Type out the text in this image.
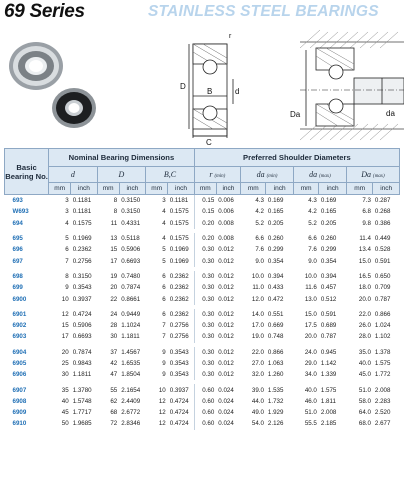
69 Series	STAINLESS STEEL BEARINGS
r
D
d
B
C
Da	da
Basic Bearing No.	Nominal Bearing Dimensions						Preferred Shoulder Diameters							
	d		D		B,C		r (min)		da (min)		da (max)		Da (max)	
	mm	inch	mm	inch	mm	inch	mm	inch	mm	inch	mm	inch	mm	inch
693	3	0.1181	8	0.3150	3	0.1181	0.15	0.006	4.3	0.169	4.3	0.169	7.3	0.287
W693	3	0.1181	8	0.3150	4	0.1575	0.15	0.006	4.2	0.165	4.2	0.165	6.8	0.268
694	4	0.1575	11	0.4331	4	0.1575	0.20	0.008	5.2	0.205	5.2	0.205	9.8	0.386

695	5	0.1969	13	0.5118	4	0.1575	0.20	0.008	6.6	0.260	6.6	0.260	11.4	0.449
696	6	0.2362	15	0.5906	5	0.1969	0.30	0.012	7.6	0.299	7.6	0.299	13.4	0.528
697	7	0.2756	17	0.6693	5	0.1969	0.30	0.012	9.0	0.354	9.0	0.354	15.0	0.591

698	8	0.3150	19	0.7480	6	0.2362	0.30	0.012	10.0	0.394	10.0	0.394	16.5	0.650
699	9	0.3543	20	0.7874	6	0.2362	0.30	0.012	11.0	0.433	11.6	0.457	18.0	0.709
6900	10	0.3937	22	0.8661	6	0.2362	0.30	0.012	12.0	0.472	13.0	0.512	20.0	0.787

6901	12	0.4724	24	0.9449	6	0.2362	0.30	0.012	14.0	0.551	15.0	0.591	22.0	0.866
6902	15	0.5906	28	1.1024	7	0.2756	0.30	0.012	17.0	0.669	17.5	0.689	26.0	1.024
6903	17	0.6693	30	1.1811	7	0.2756	0.30	0.012	19.0	0.748	20.0	0.787	28.0	1.102

6904	20	0.7874	37	1.4567	9	0.3543	0.30	0.012	22.0	0.866	24.0	0.945	35.0	1.378
6905	25	0.9843	42	1.6535	9	0.3543	0.30	0.012	27.0	1.063	29.0	1.142	40.0	1.575
6906	30	1.1811	47	1.8504	9	0.3543	0.30	0.012	32.0	1.260	34.0	1.339	45.0	1.772

6907	35	1.3780	55	2.1654	10	0.3937	0.60	0.024	39.0	1.535	40.0	1.575	51.0	2.008
6908	40	1.5748	62	2.4409	12	0.4724	0.60	0.024	44.0	1.732	46.0	1.811	58.0	2.283
6909	45	1.7717	68	2.6772	12	0.4724	0.60	0.024	49.0	1.929	51.0	2.008	64.0	2.520
6910	50	1.9685	72	2.8346	12	0.4724	0.60	0.024	54.0	2.126	55.5	2.185	68.0	2.677
